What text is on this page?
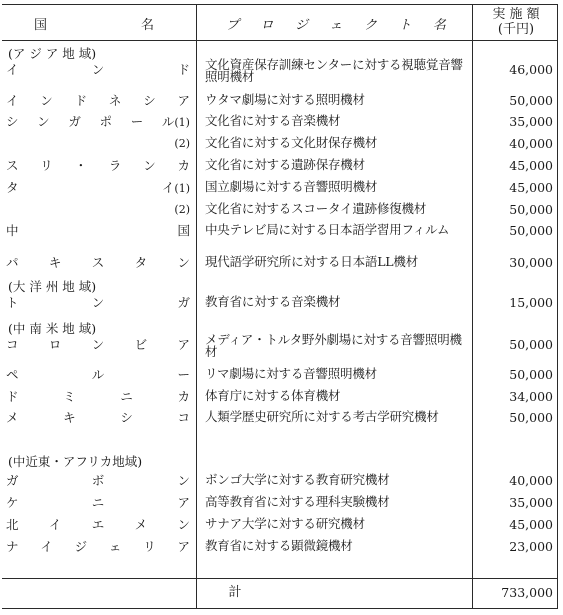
国	名	プ ロ ジ ェ ク ト 名
実 施 額
(千円)
(ア ジ ア 地 域)
イ	ン	ド 文化資産保存訓練センターに対する視聴覚音響照明機材	46,000
イ ン ド ネ シ ア ウタマ劇場に対する照明機材	50,000
シ ン ガ ポ ー ル(1) 文化省に対する音楽機材	35,000
(2) 文化省に対する文化財保存機材	40,000
ス リ ・ ラ ン カ 文化省に対する遺跡保存機材	45,000
タ	イ(1) 国立劇場に対する音響照明機材	45,000
(2) 文化省に対するスコータイ遺跡修復機材	50,000
中	国 中央テレビ局に対する日本語学習用フィルム	50,000
パ キ ス タ ン 現代語学研究所に対する日本語LL機材	30,000
(大 洋 州 地 域)
ト	ン	ガ 教育省に対する音楽機材	15,000
(中 南 米 地 域)
コ ロ ン ビ ア メディア・トルタ野外劇場に対する音響照明機材	50,000
ペ	ル	ー リマ劇場に対する音響照明機材	50,000
ド	ミ	ニ	カ 体育庁に対する体育機材	34,000
メ	キ	シ	コ 人類学歴史研究所に対する考古学研究機材	50,000
(中近東・アフリカ地域)
ガ	ボ	ン ボンゴ大学に対する教育研究機材	40,000
ケ	ニ	ア 高等教育省に対する理科実験機材	35,000
北 イ エ メ ン サナア大学に対する研究機材	45,000
ナ イ ジ ェ リ ア 教育省に対する顕微鏡機材	23,000
計	733,000
